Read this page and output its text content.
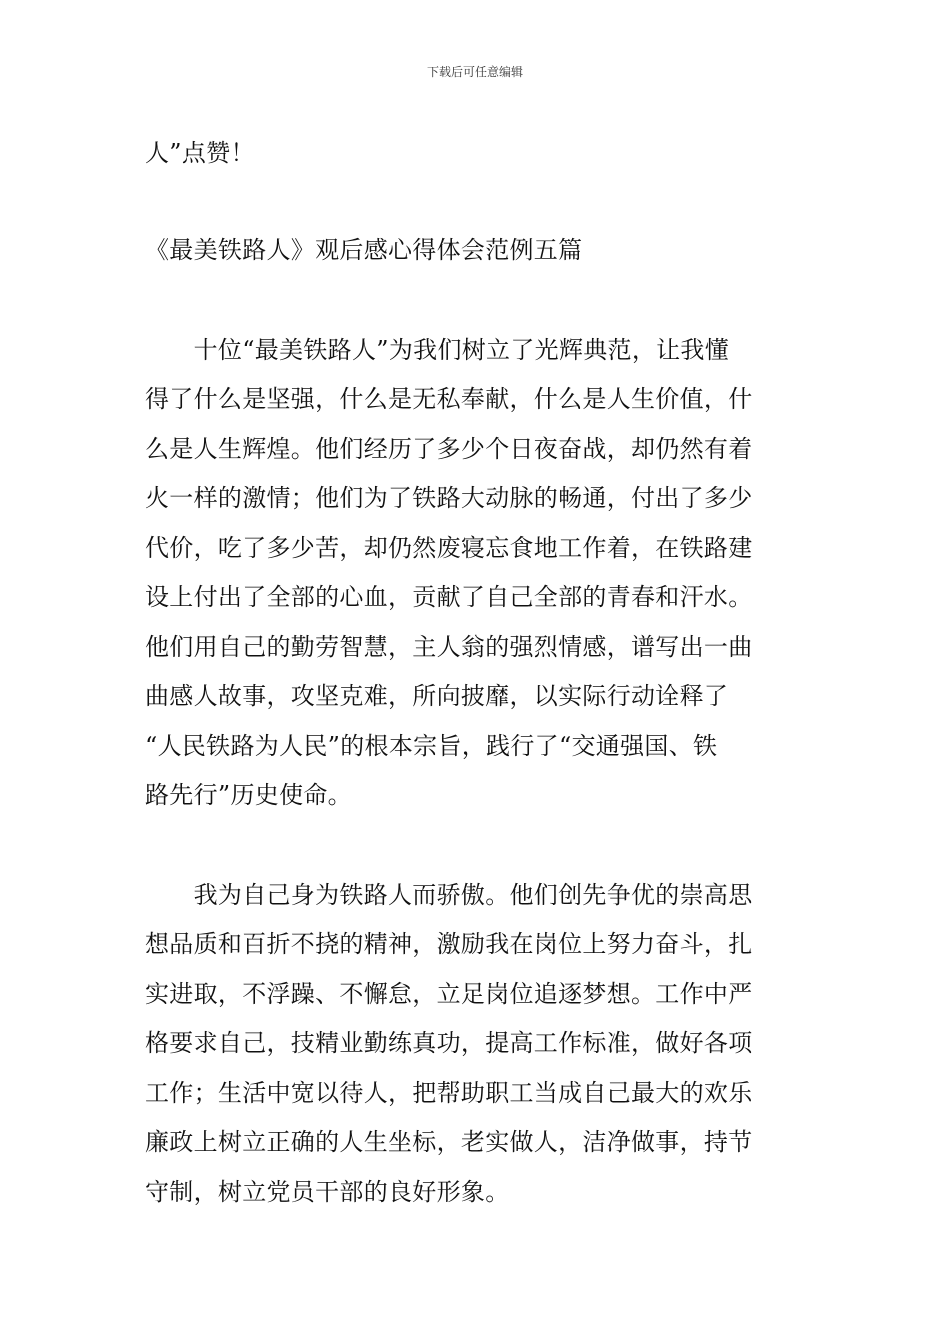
下载后可任意编辑
人”点赞！
《最美铁路人》观后感心得体会范例五篇
　　十位“最美铁路人”为我们树立了光辉典范，让我懂
得了什么是坚强，什么是无私奉献，什么是人生价值，什
么是人生辉煌。他们经历了多少个日夜奋战，却仍然有着
火一样的激情；他们为了铁路大动脉的畅通，付出了多少
代价，吃了多少苦，却仍然废寝忘食地工作着，在铁路建
设上付出了全部的心血，贡献了自己全部的青春和汗水。
他们用自己的勤劳智慧，主人翁的强烈情感，谱写出一曲
曲感人故事，攻坚克难，所向披靡，以实际行动诠释了
“人民铁路为人民”的根本宗旨，践行了“交通强国、铁
路先行”历史使命。
　　我为自己身为铁路人而骄傲。他们创先争优的崇高思
想品质和百折不挠的精神，激励我在岗位上努力奋斗，扎
实进取，不浮躁、不懈怠，立足岗位追逐梦想。工作中严
格要求自己，技精业勤练真功，提高工作标准，做好各项
工作；生活中宽以待人，把帮助职工当成自己最大的欢乐
廉政上树立正确的人生坐标，老实做人，洁净做事，持节
守制，树立党员干部的良好形象。
